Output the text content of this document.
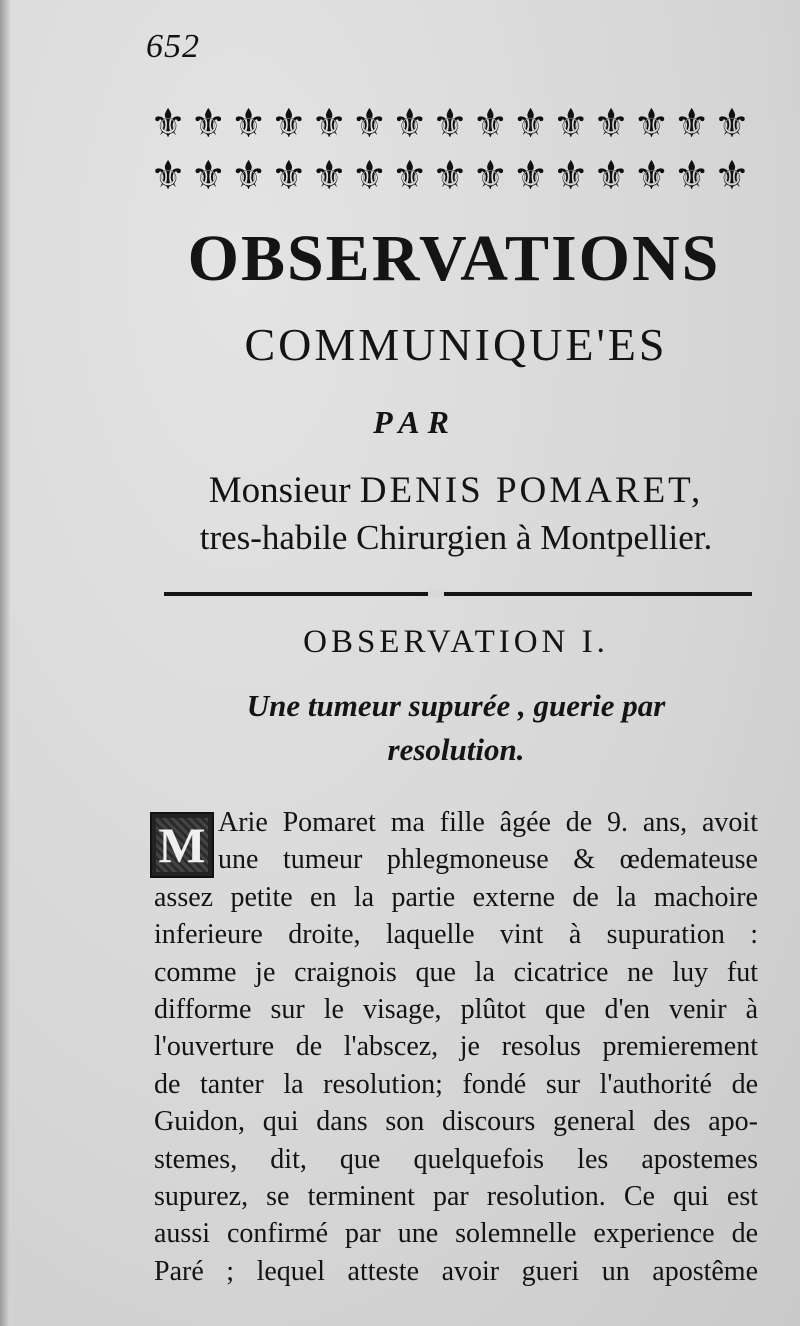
652
⚜ ⚜ ⚜ ⚜ ⚜ ⚜ ⚜ ⚜ ⚜ ⚜ ⚜ ⚜ ⚜ ⚜ ⚜
⚜ ⚜ ⚜ ⚜ ⚜ ⚜ ⚜ ⚜ ⚜ ⚜ ⚜ ⚜ ⚜ ⚜ ⚜
OBSERVATIONS
COMMUNIQUE'ES
PAR
Monsieur DENIS POMARET,
tres-habile Chirurgien à Montpellier.
OBSERVATION I.
Une tumeur supurée , guerie par
resolution.
M Arie Pomaret ma fille âgée de 9. ans, avoit
une tumeur phlegmoneuse & œdemateuse
assez petite en la partie externe de la machoire
inferieure droite, laquelle vint à supuration :
comme je craignois que la cicatrice ne luy fut
difforme sur le visage, plûtot que d'en venir à
l'ouverture de l'abscez, je resolus premierement
de tanter la resolution; fondé sur l'authorité de
Guidon, qui dans son discours general des apo-
stemes, dit, que quelquefois les apostemes
supurez, se terminent par resolution. Ce qui est
aussi confirmé par une solemnelle experience de
Paré ; lequel atteste avoir gueri un apostême
